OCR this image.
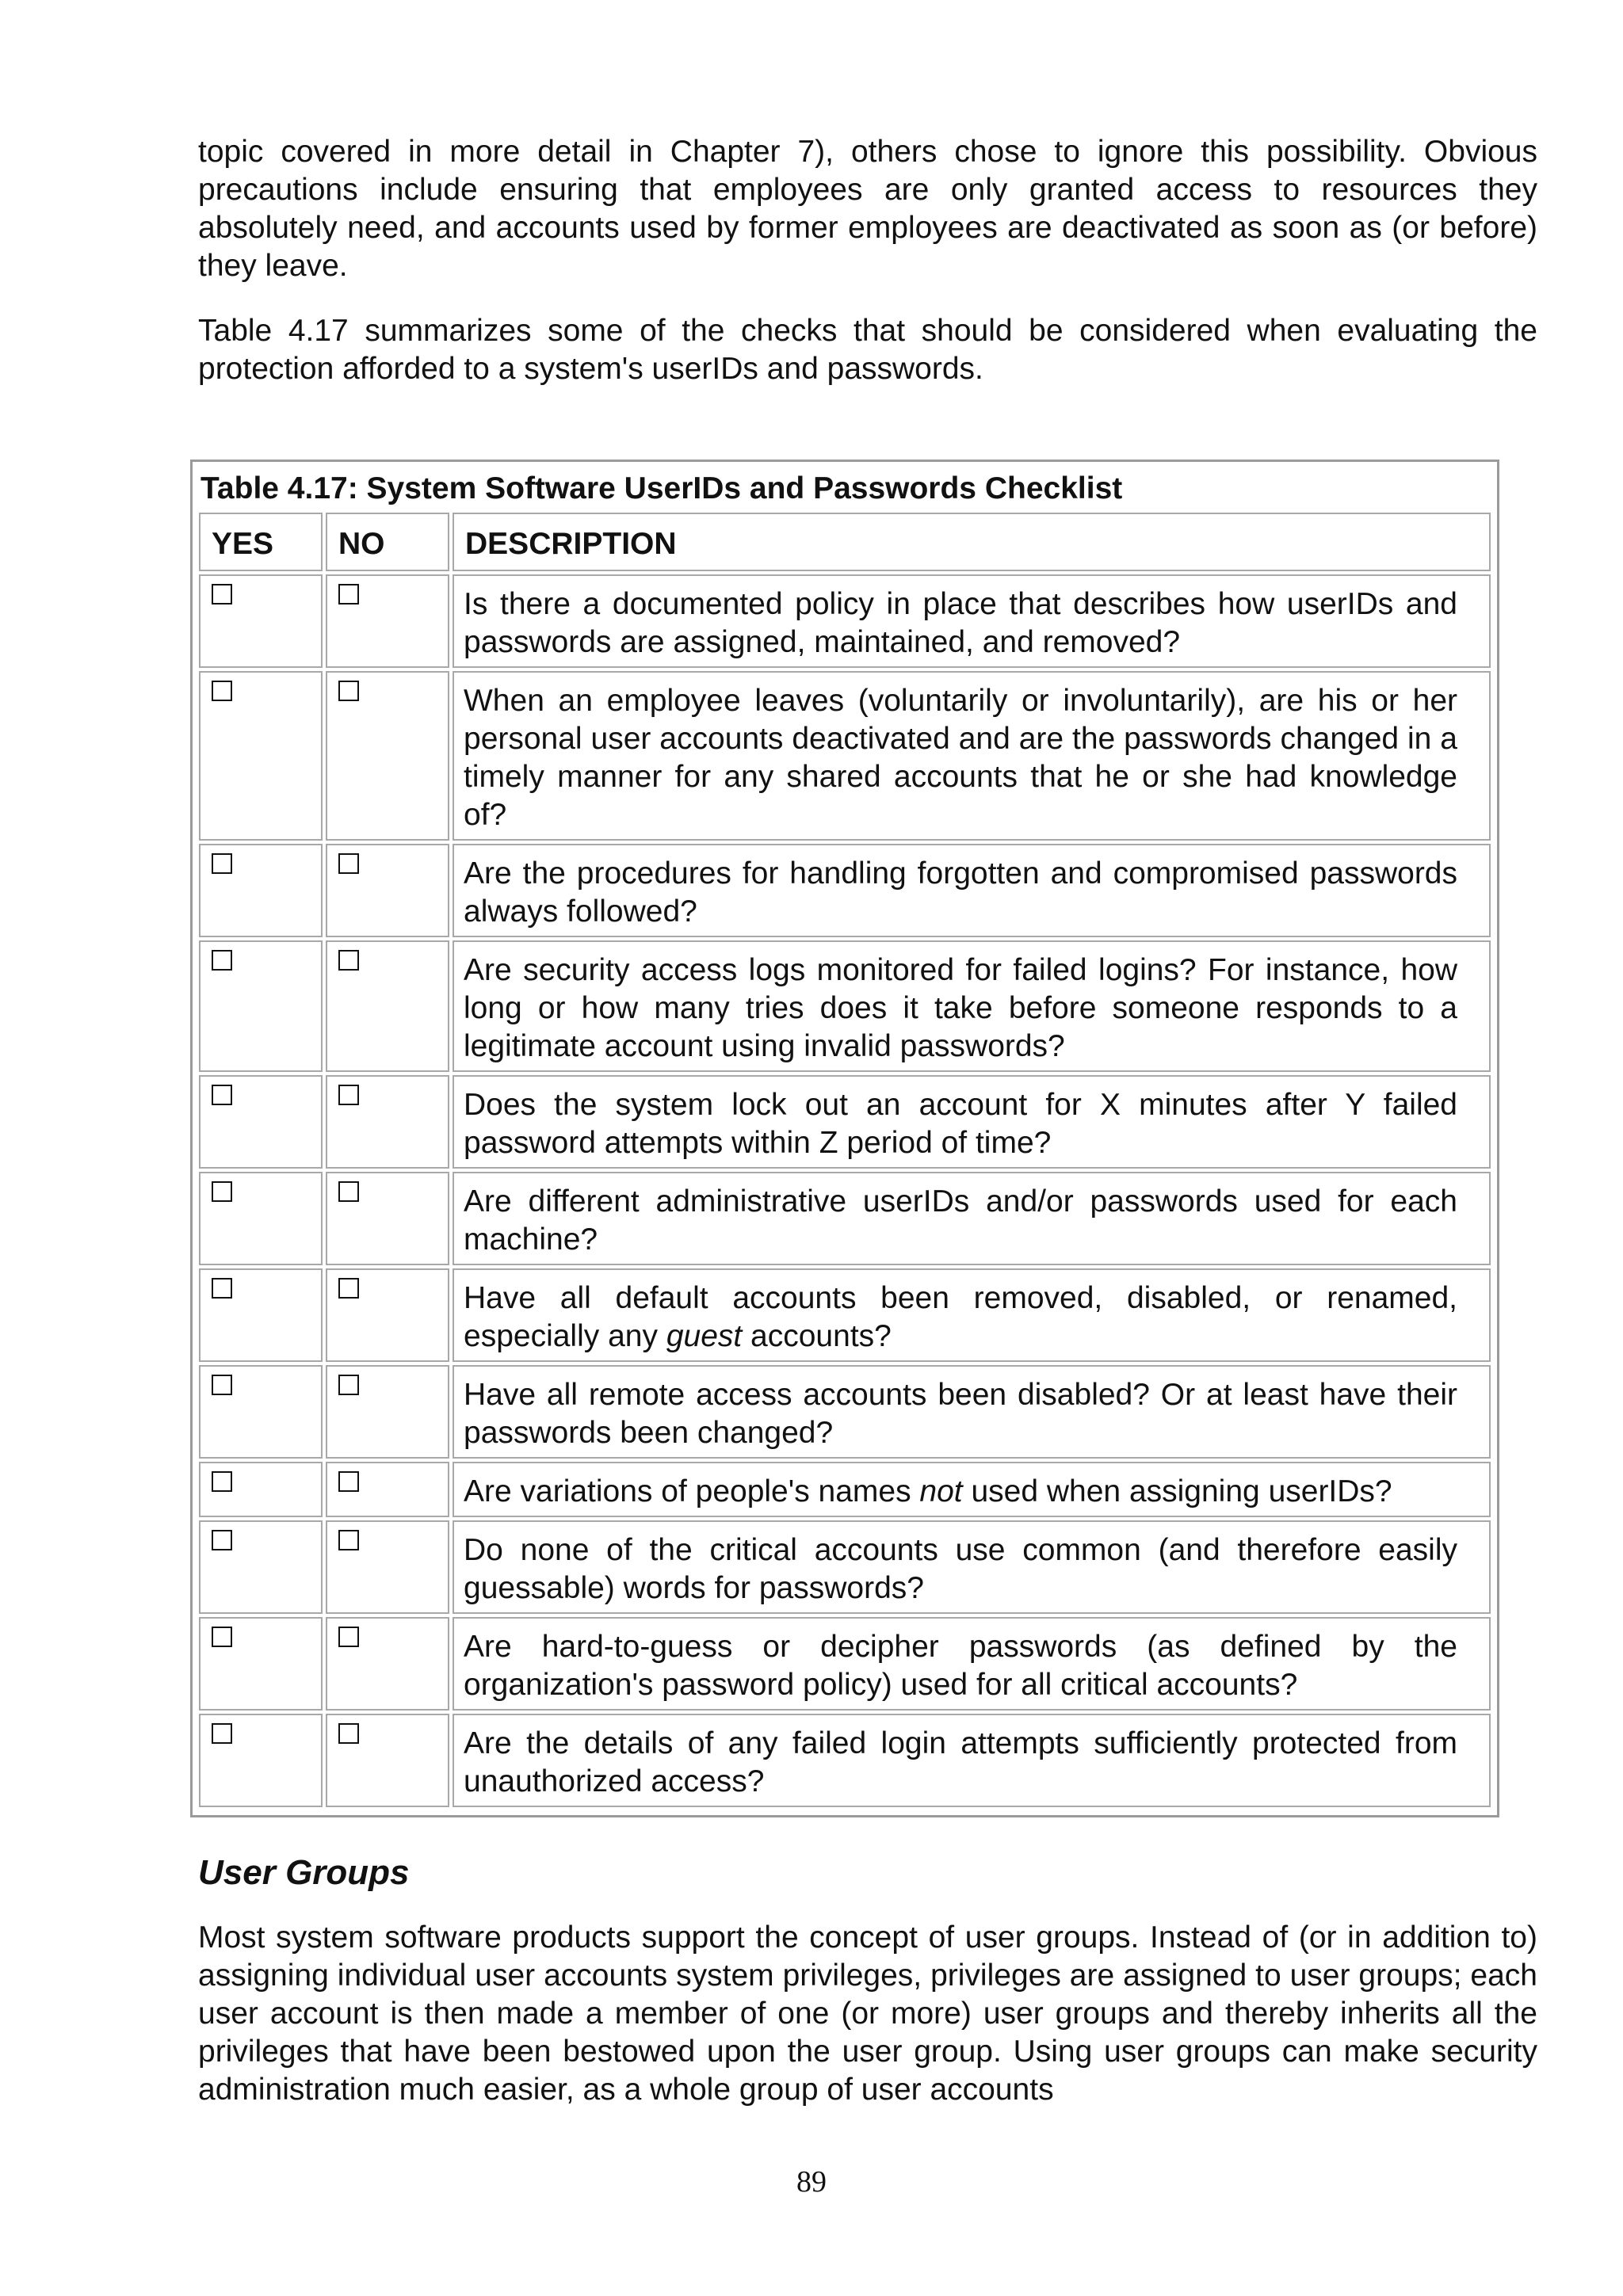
topic covered in more detail in Chapter 7), others chose to ignore this possibility. Obvious precautions include ensuring that employees are only granted access to resources they absolutely need, and accounts used by former employees are deactivated as soon as (or before) they leave.

Table 4.17 summarizes some of the checks that should be considered when evaluating the protection afforded to a system's userIDs and passwords.

Table 4.17: System Software UserIDs and Passwords Checklist
YES	NO	DESCRIPTION
		Is there a documented policy in place that describes how userIDs and passwords are assigned, maintained, and removed?
		When an employee leaves (voluntarily or involuntarily), are his or her personal user accounts deactivated and are the passwords changed in a timely manner for any shared accounts that he or she had knowledge of?
		Are the procedures for handling forgotten and compromised passwords always followed?
		Are security access logs monitored for failed logins? For instance, how long or how many tries does it take before someone responds to a legitimate account using invalid passwords?
		Does the system lock out an account for X minutes after Y failed password attempts within Z period of time?
		Are different administrative userIDs and/or passwords used for each machine?
		Have all default accounts been removed, disabled, or renamed, especially any guest accounts?
		Have all remote access accounts been disabled? Or at least have their passwords been changed?
		Are variations of people's names not used when assigning userIDs?
		Do none of the critical accounts use common (and therefore easily guessable) words for passwords?
		Are hard-to-guess or decipher passwords (as defined by the organization's password policy) used for all critical accounts?
		Are the details of any failed login attempts sufficiently protected from unauthorized access?
User Groups

Most system software products support the concept of user groups. Instead of (or in addition to) assigning individual user accounts system privileges, privileges are assigned to user groups; each user account is then made a member of one (or more) user groups and thereby inherits all the privileges that have been bestowed upon the user group. Using user groups can make security administration much easier, as a whole group of user accounts

89
